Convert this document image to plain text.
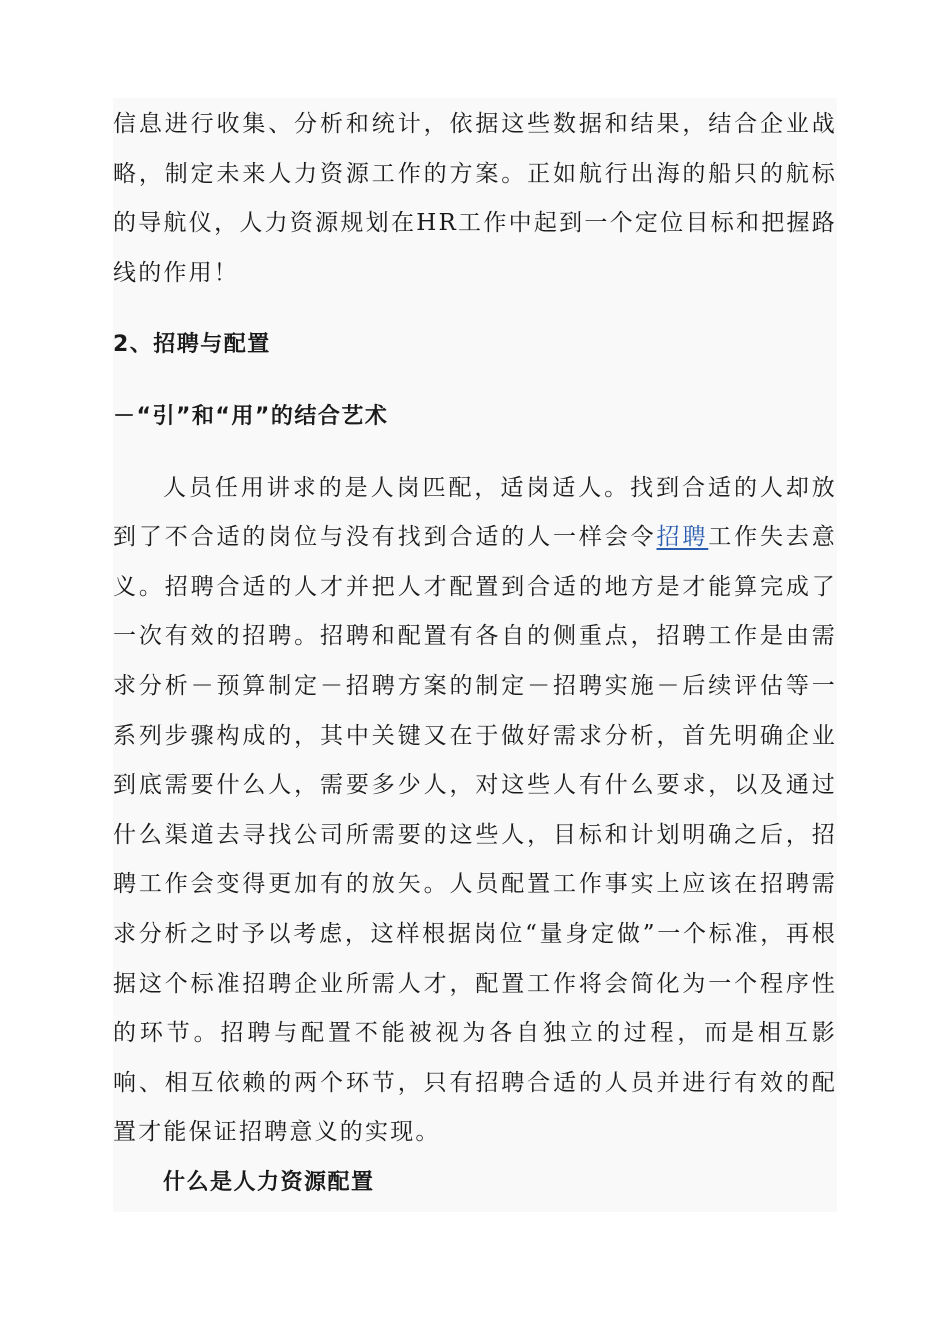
信息进行收集、分析和统计，依据这些数据和结果，结合企业战略，制定未来人力资源工作的方案。正如航行出海的船只的航标的导航仪，人力资源规划在HR工作中起到一个定位目标和把握路线的作用！

2、招聘与配置

－“引”和“用”的结合艺术

人员任用讲求的是人岗匹配，适岗适人。找到合适的人却放到了不合适的岗位与没有找到合适的人一样会令招聘工作失去意义。招聘合适的人才并把人才配置到合适的地方是才能算完成了一次有效的招聘。招聘和配置有各自的侧重点，招聘工作是由需求分析－预算制定－招聘方案的制定－招聘实施－后续评估等一系列步骤构成的，其中关键又在于做好需求分析，首先明确企业到底需要什么人，需要多少人，对这些人有什么要求，以及通过什么渠道去寻找公司所需要的这些人，目标和计划明确之后，招聘工作会变得更加有的放矢。人员配置工作事实上应该在招聘需求分析之时予以考虑，这样根据岗位“量身定做”一个标准，再根据这个标准招聘企业所需人才，配置工作将会简化为一个程序性的环节。招聘与配置不能被视为各自独立的过程，而是相互影响、相互依赖的两个环节，只有招聘合适的人员并进行有效的配置才能保证招聘意义的实现。

什么是人力资源配置
